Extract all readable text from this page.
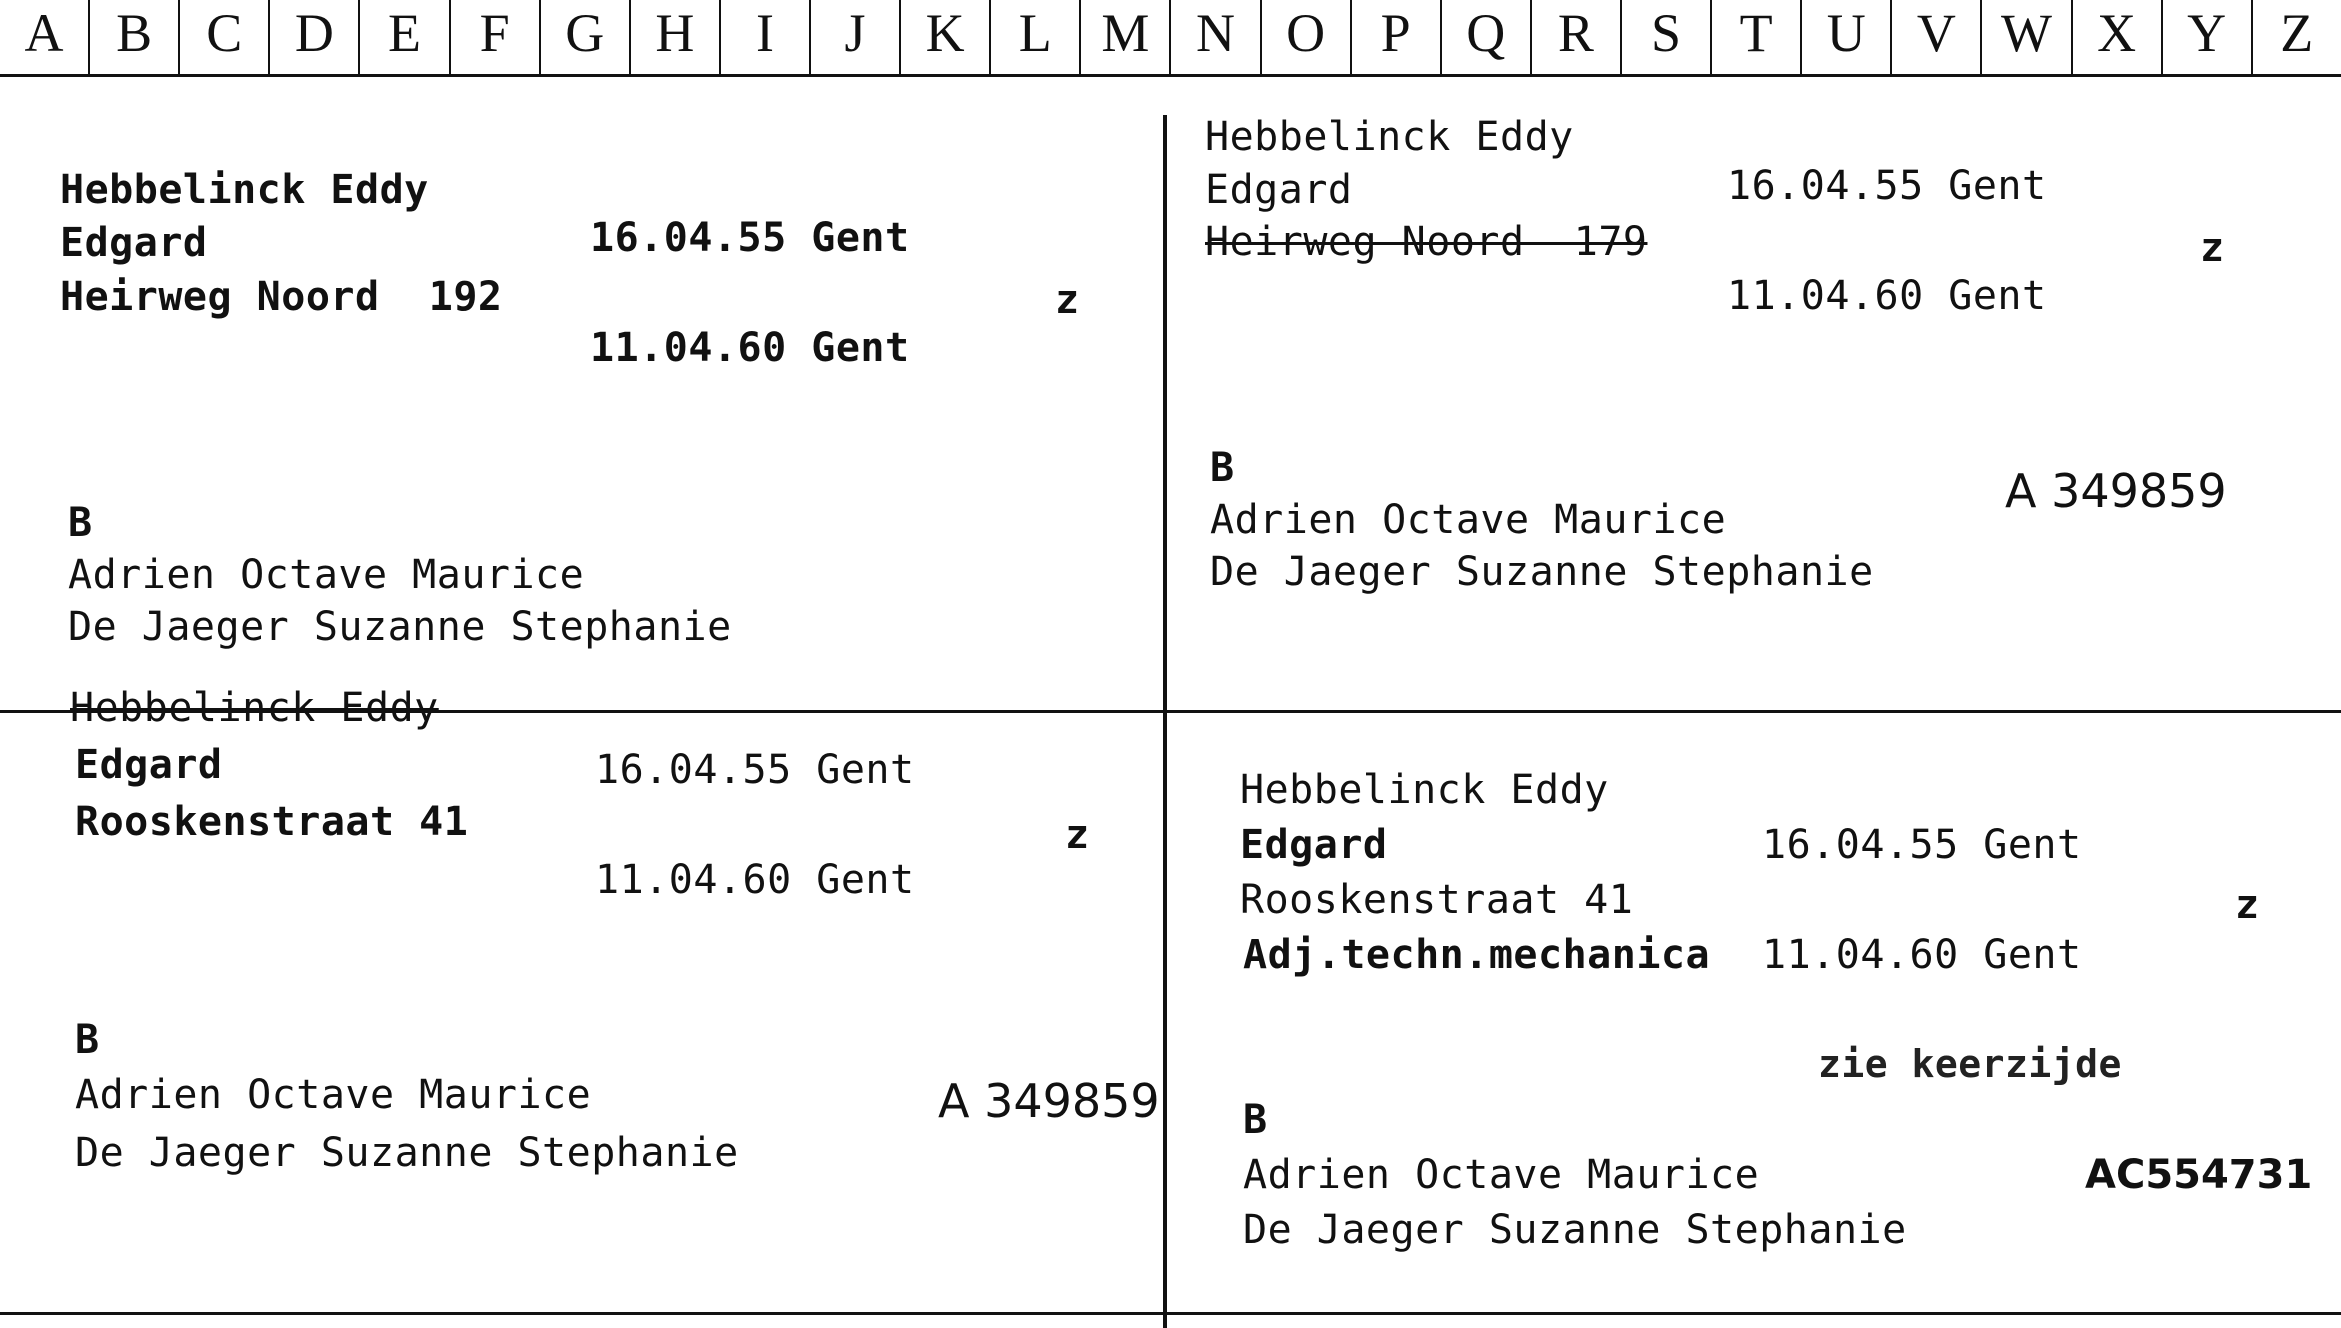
A B	C D	E	F	G H	I	J	K	L M N O	P	Q R	S	T	U V W X Y	Z
Hebbelinck Eddy
Edgard	16.04.55 Gent
Heirweg Noord  192	z
11.04.60 Gent
B
Adrien Octave Maurice
De Jaeger Suzanne Stephanie
Hebbelinck Eddy
Edgard	16.04.55 Gent
Heirweg Noord  179	z
11.04.60 Gent
B	A 349859
Adrien Octave Maurice
De Jaeger Suzanne Stephanie
Hebbelinck Eddy
Edgard	16.04.55 Gent
Rooskenstraat 41	z
11.04.60 Gent
B
Adrien Octave Maurice	A 349859
De Jaeger Suzanne Stephanie
Hebbelinck Eddy
Edgard	16.04.55 Gent
Rooskenstraat 41	z
Adj.techn.mechanica 11.04.60 Gent
zie keerzijde
B
Adrien Octave Maurice	AC554731
De Jaeger Suzanne Stephanie
